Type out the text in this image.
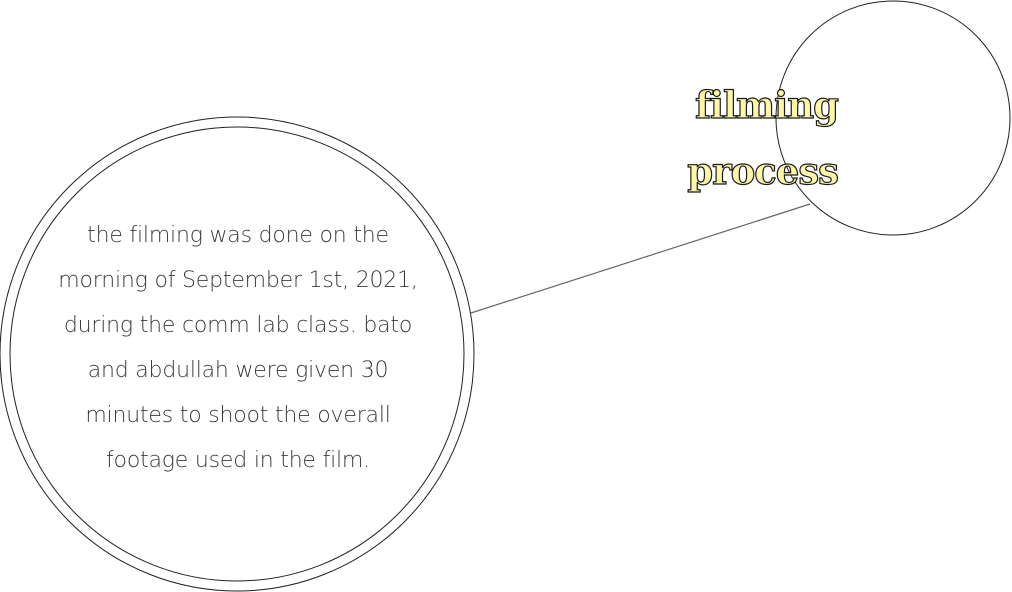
filming
process
the filming was done on the
morning of September 1st, 2021,
during the comm lab class. bato
and abdullah were given 30
minutes to shoot the overall
footage used in the film.
